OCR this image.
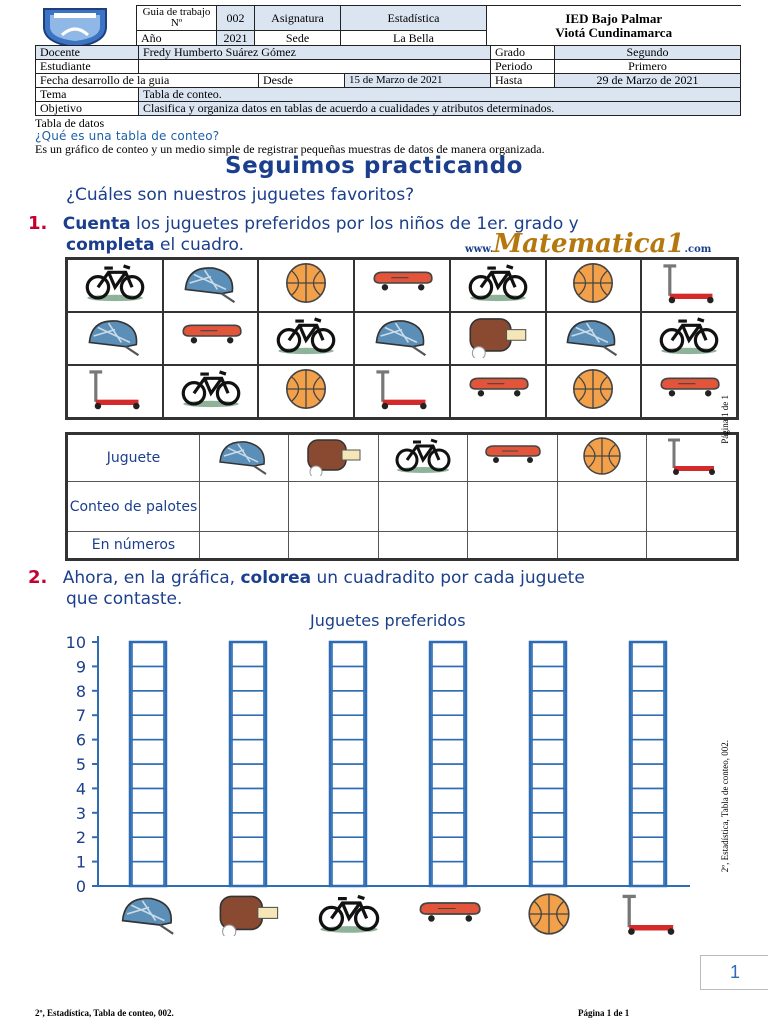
Guia de trabajo Nº	002	Asignatura	Estadística	IED Bajo Palmar
Viotá Cundinamarca

Año	2021	Sede	La Bella	
Docente	Fredy Humberto Suárez Gómez			Grado	Segundo
Estudiante				Periodo	Primero
Fecha desarrollo de la guia		Desde	15 de Marzo de 2021	Hasta	29 de Marzo de 2021
Tema	Tabla de conteo.				
Objetivo	Clasifica y organiza datos en tablas de acuerdo a cualidades y atributos determinados.				
Tabla de datos
¿Qué es una tabla de conteo?
Es un gráfico de conteo y un medio simple de registrar pequeñas muestras de datos de manera organizada.
Seguimos practicando
¿Cuáles son nuestros juguetes favoritos?
1. Cuenta los juguetes preferidos por los niños de 1er. grado y
completa el cuadro.	www.Matematica1.com

Juguete						
Conteo de palotes						
En números						
2. Ahora, en la gráfica, colorea un cuadradito por cada juguete
que contaste.
Juguetes preferidos
0
1
2
3
4
5
6
7
8
9
10
Página 1 de 1
2º, Estadística, Tabla de conteo, 002.
1
2º, Estadística, Tabla de conteo, 002.	Página 1 de 1
